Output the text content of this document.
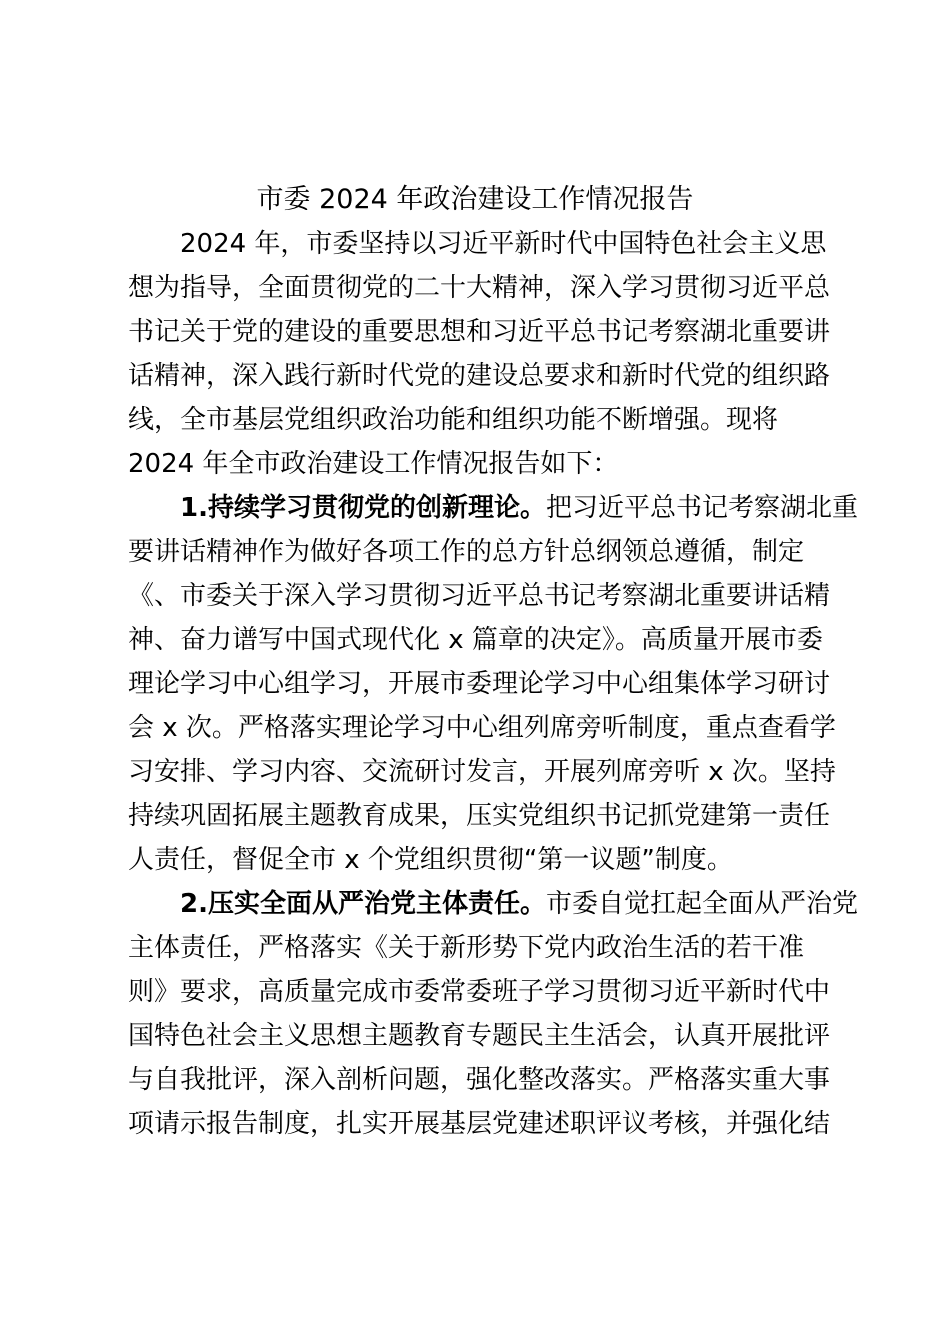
市委 2024 年政治建设工作情况报告

2024 年，市委坚持以习近平新时代中国特色社会主义思
想为指导，全面贯彻党的二十大精神，深入学习贯彻习近平总
书记关于党的建设的重要思想和习近平总书记考察湖北重要讲
话精神，深入践行新时代党的建设总要求和新时代党的组织路
线，全市基层党组织政治功能和组织功能不断增强。现将
2024 年全市政治建设工作情况报告如下：

1.持续学习贯彻党的创新理论。把习近平总书记考察湖北重
要讲话精神作为做好各项工作的总方针总纲领总遵循，制定
《、市委关于深入学习贯彻习近平总书记考察湖北重要讲话精
神、奋力谱写中国式现代化 x 篇章的决定》。高质量开展市委
理论学习中心组学习，开展市委理论学习中心组集体学习研讨
会 x 次。严格落实理论学习中心组列席旁听制度，重点查看学
习安排、学习内容、交流研讨发言，开展列席旁听 x 次。坚持
持续巩固拓展主题教育成果，压实党组织书记抓党建第一责任
人责任，督促全市 x 个党组织贯彻“第一议题”制度。

2.压实全面从严治党主体责任。市委自觉扛起全面从严治党
主体责任，严格落实《关于新形势下党内政治生活的若干准
则》要求，高质量完成市委常委班子学习贯彻习近平新时代中
国特色社会主义思想主题教育专题民主生活会，认真开展批评
与自我批评，深入剖析问题，强化整改落实。严格落实重大事
项请示报告制度，扎实开展基层党建述职评议考核，并强化结
